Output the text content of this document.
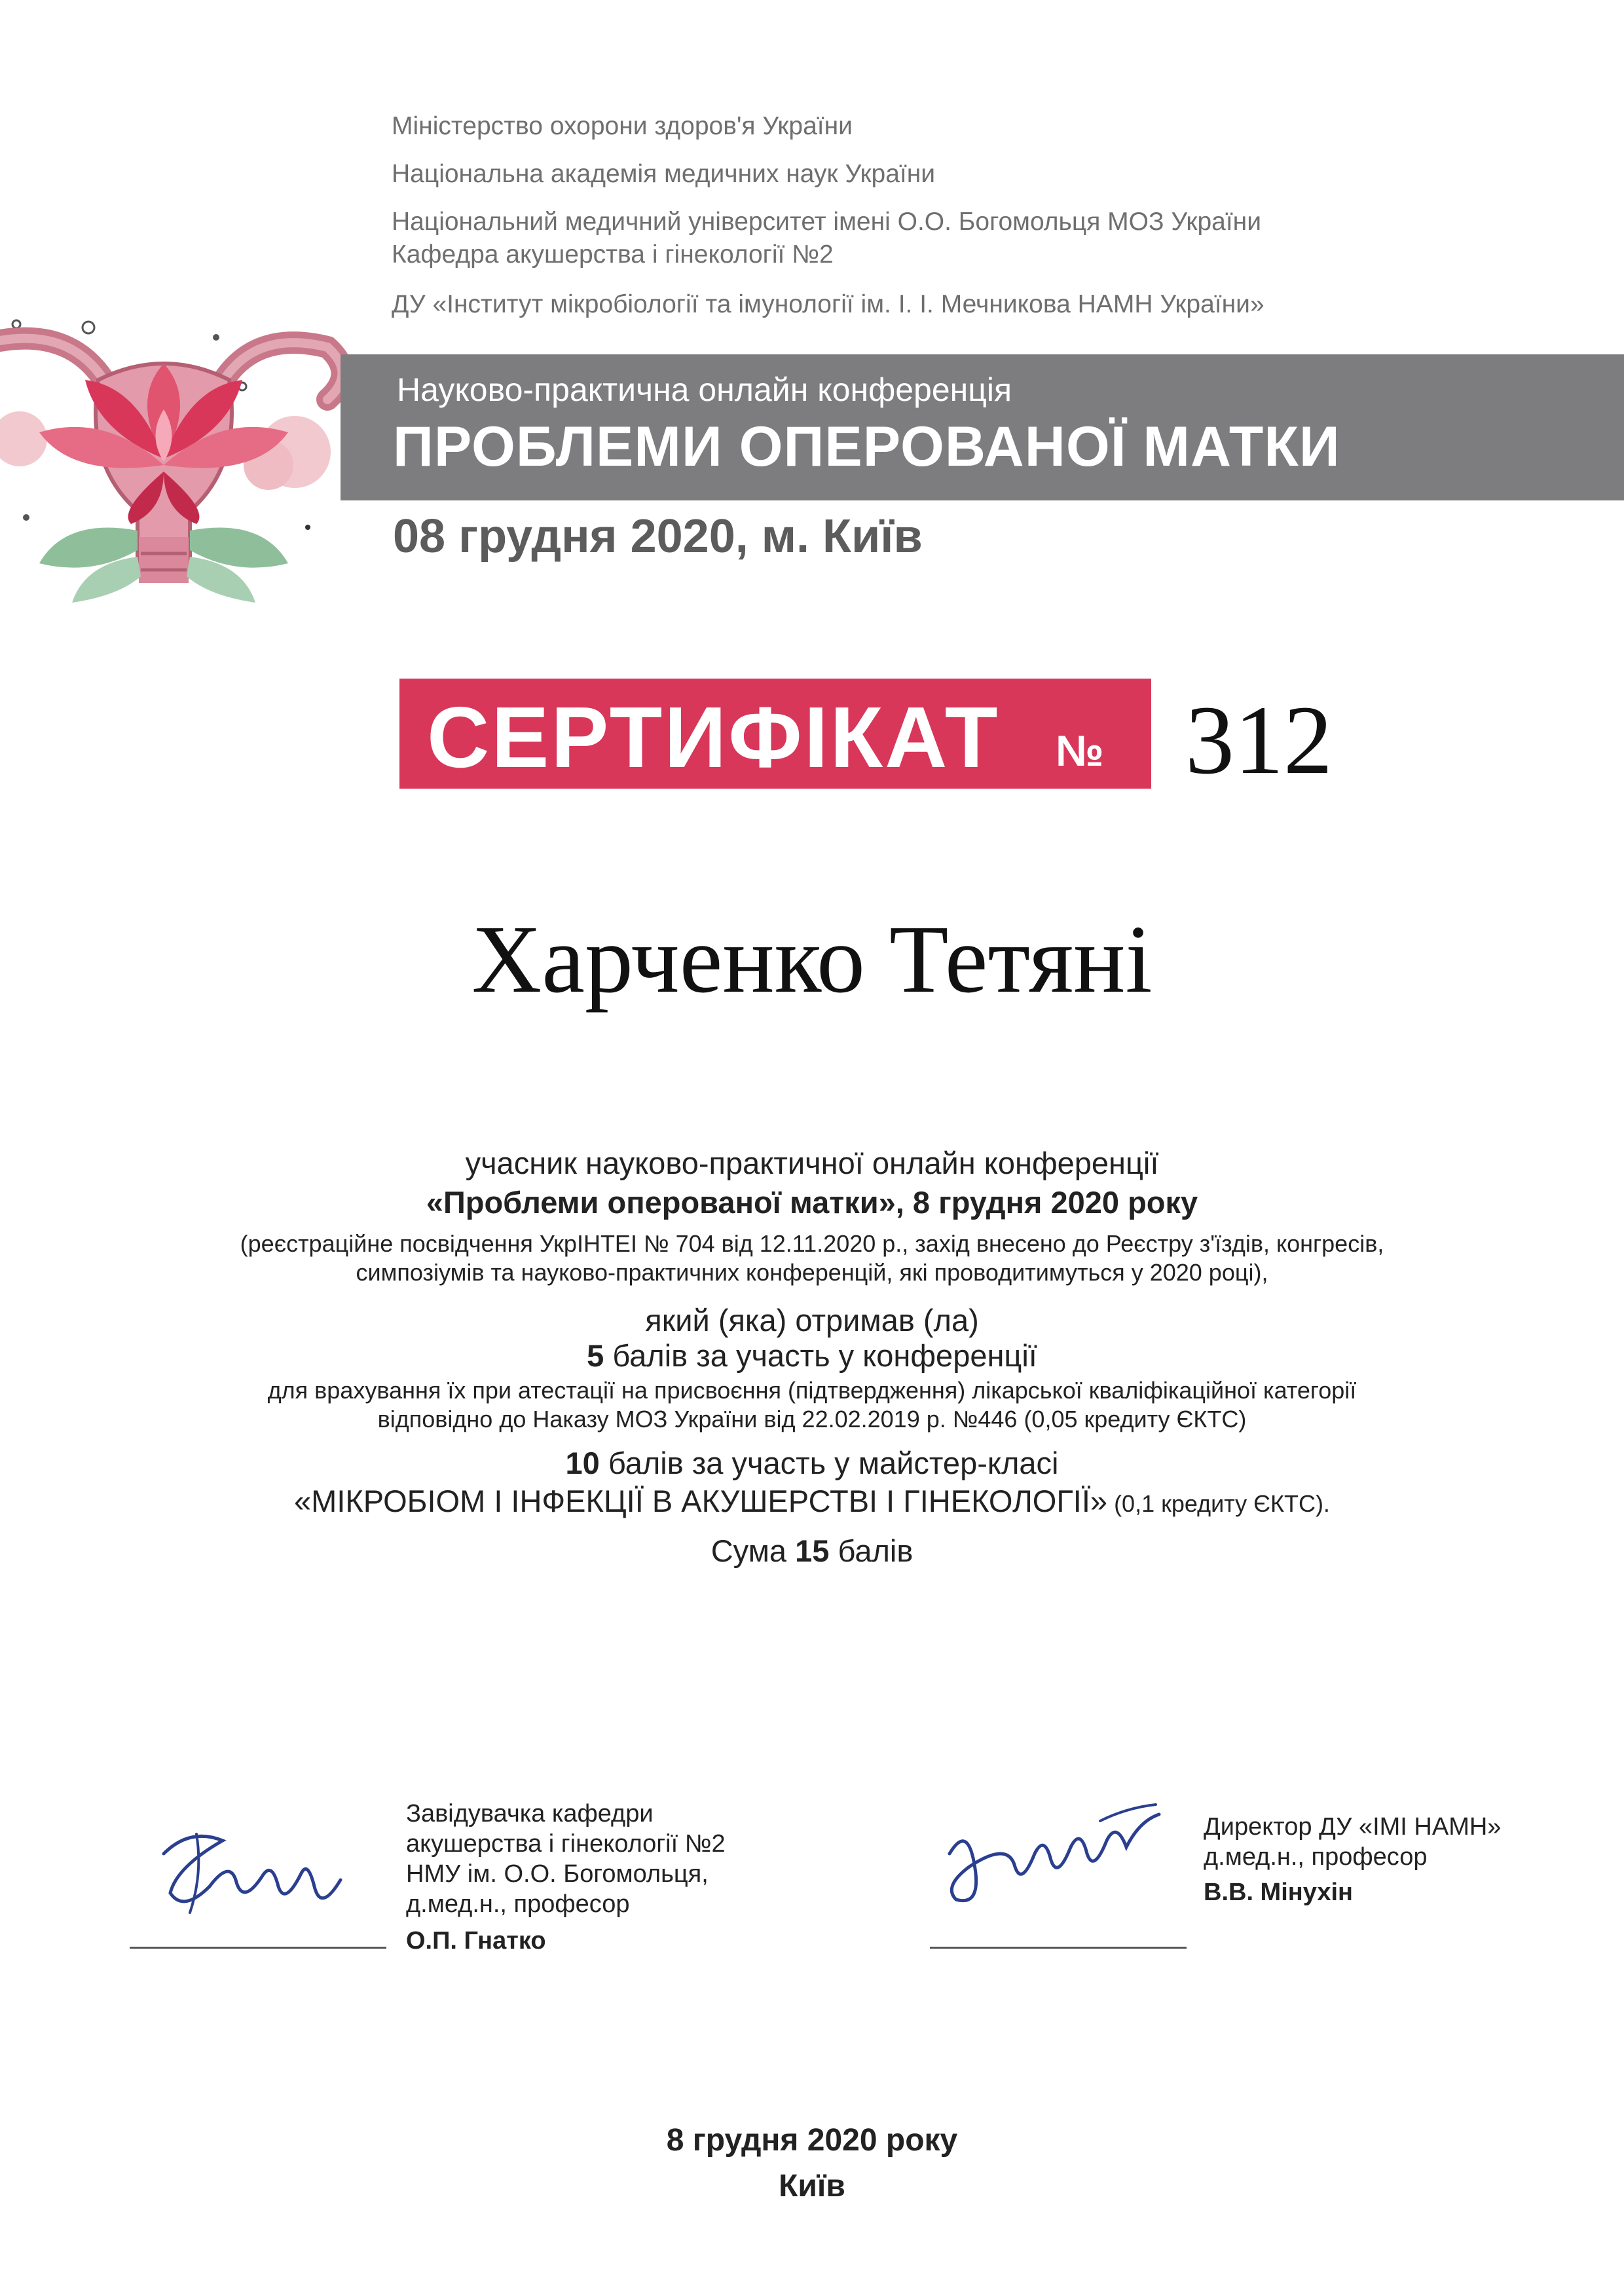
Міністерство охорони здоров'я України
Національна академія медичних наук України
Національний медичний університет імені О.О. Богомольця МОЗ України
Кафедра акушерства і гінекології №2
ДУ «Інститут мікробіології та імунології ім. І. І. Мечникова НАМН України»
Науково-практична онлайн конференція
ПРОБЛЕМИ ОПЕРОВАНОЇ МАТКИ
08 грудня 2020, м. Київ
СЕРТИФІКАТ № 312
Харченко Тетяні
учасник науково-практичної онлайн конференції
«Проблеми оперованої матки», 8 грудня 2020 року
(реєстраційне посвідчення УкрІНТЕІ № 704 від 12.11.2020 р., захід внесено до Реєстру з'їздів, конгресів,
симпозіумів та науково-практичних конференцій, які проводитимуться у 2020 році),
який (яка) отримав (ла)
5 балів за участь у конференції
для врахування їх при атестації на присвоєння (підтвердження) лікарської кваліфікаційної категорії
відповідно до Наказу МОЗ України від 22.02.2019 р. №446 (0,05 кредиту ЄКТС)
10 балів за участь у майстер-класі
«МІКРОБІОМ І ІНФЕКЦІЇ В АКУШЕРСТВІ І ГІНЕКОЛОГІЇ» (0,1 кредиту ЄКТС).
Сума 15 балів
Завідувачка кафедри
акушерства і гінекології №2
НМУ ім. О.О. Богомольця,
д.мед.н., професор
О.П. Гнатко
Директор ДУ «ІМІ НАМН»
д.мед.н., професор
В.В. Мінухін
8 грудня 2020 року
Київ
